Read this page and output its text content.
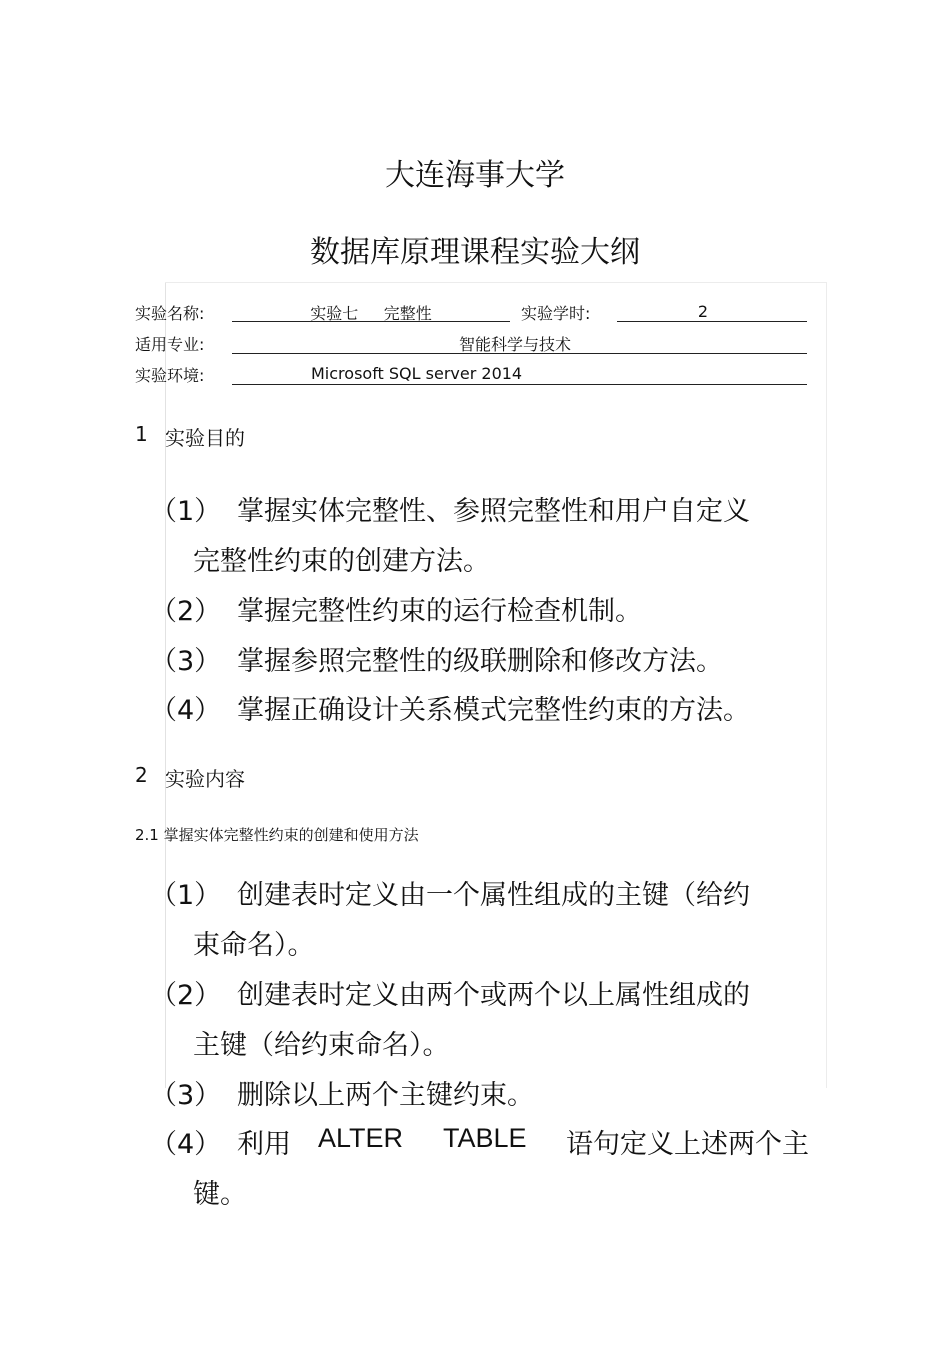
大连海事大学
数据库原理课程实验大纲
实验名称:	实验七     完整性	实验学时:	2
适用专业:	智能科学与技术
实验环境:	Microsoft SQL server 2014
1 实验目的
（1） 掌握实体完整性、参照完整性和用户自定义
完整性约束的创建方法。
（2） 掌握完整性约束的运行检查机制。
（3） 掌握参照完整性的级联删除和修改方法。
（4） 掌握正确设计关系模式完整性约束的方法。
2 实验内容
2.1 掌握实体完整性约束的创建和使用方法
（1） 创建表时定义由一个属性组成的主键（给约
束命名）。
（2） 创建表时定义由两个或两个以上属性组成的
主键（给约束命名）。
（3） 删除以上两个主键约束。
（4） 利用 ALTER TABLE 语句定义上述两个主
键。
